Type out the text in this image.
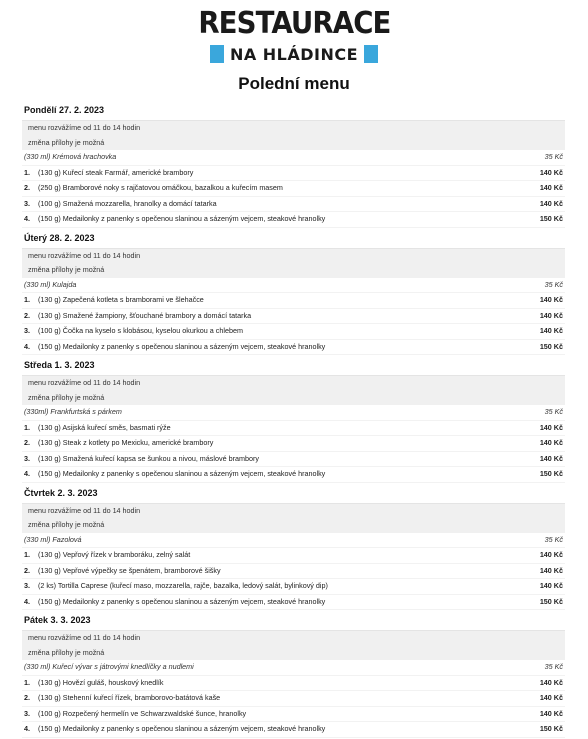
RESTAURACE
NA HLÁDINCE
Polední menu
Pondělí 27. 2. 2023
menu rozvážíme od 11 do 14 hodin
změna přílohy je možná
(330 ml) Krémová hrachovka	35 Kč
1.	(130 g) Kuřecí steak Farmář, americké brambory	140 Kč
2.	(250 g) Bramborové noky s rajčatovou omáčkou, bazalkou a kuřecím masem	140 Kč
3.	(100 g) Smažená mozzarella, hranolky a domácí tatarka	140 Kč
4.	(150 g) Medailonky z panenky s opečenou slaninou a sázeným vejcem, steakové hranolky	150 Kč
Úterý 28. 2. 2023
menu rozvážíme od 11 do 14 hodin
změna přílohy je možná
(330 ml) Kulajda	35 Kč
1.	(130 g) Zapečená kotleta s bramborami ve šlehačce	140 Kč
2.	(130 g) Smažené žampiony, šťouchané brambory a domácí tatarka	140 Kč
3.	(100 g) Čočka na kyselo s klobásou, kyselou okurkou a chlebem	140 Kč
4.	(150 g) Medailonky z panenky s opečenou slaninou a sázeným vejcem, steakové hranolky	150 Kč
Středa 1. 3. 2023
menu rozvážíme od 11 do 14 hodin
změna přílohy je možná
(330ml) Frankfurtská s párkem	35 Kč
1.	(130 g) Asijská kuřecí směs, basmati rýže	140 Kč
2.	(130 g) Steak z kotlety po Mexicku, americké brambory	140 Kč
3.	(130 g) Smažená kuřecí kapsa se šunkou a nivou, máslové brambory	140 Kč
4.	(150 g) Medailonky z panenky s opečenou slaninou a sázeným vejcem, steakové hranolky	150 Kč
Čtvrtek 2. 3. 2023
menu rozvážíme od 11 do 14 hodin
změna přílohy je možná
(330 ml) Fazolová	35 Kč
1.	(130 g) Vepřový řízek v bramboráku, zelný salát	140 Kč
2.	(130 g) Vepřové výpečky se špenátem, bramborové šišky	140 Kč
3.	(2 ks) Tortilla Caprese (kuřecí maso, mozzarella, rajče, bazalka, ledový salát, bylinkový dip)	140 Kč
4.	(150 g) Medailonky z panenky s opečenou slaninou a sázeným vejcem, steakové hranolky	150 Kč
Pátek 3. 3. 2023
menu rozvážíme od 11 do 14 hodin
změna přílohy je možná
(330 ml) Kuřecí vývar s játrovými knedlíčky a nudlemi	35 Kč
1.	(130 g) Hovězí guláš, houskový knedlík	140 Kč
2.	(130 g) Stehenní kuřecí řízek, bramborovo-batátová kaše	140 Kč
3.	(100 g) Rozpečený hermelín ve Schwarzwaldské šunce, hranolky	140 Kč
4.	(150 g) Medailonky z panenky s opečenou slaninou a sázeným vejcem, steakové hranolky	150 Kč
